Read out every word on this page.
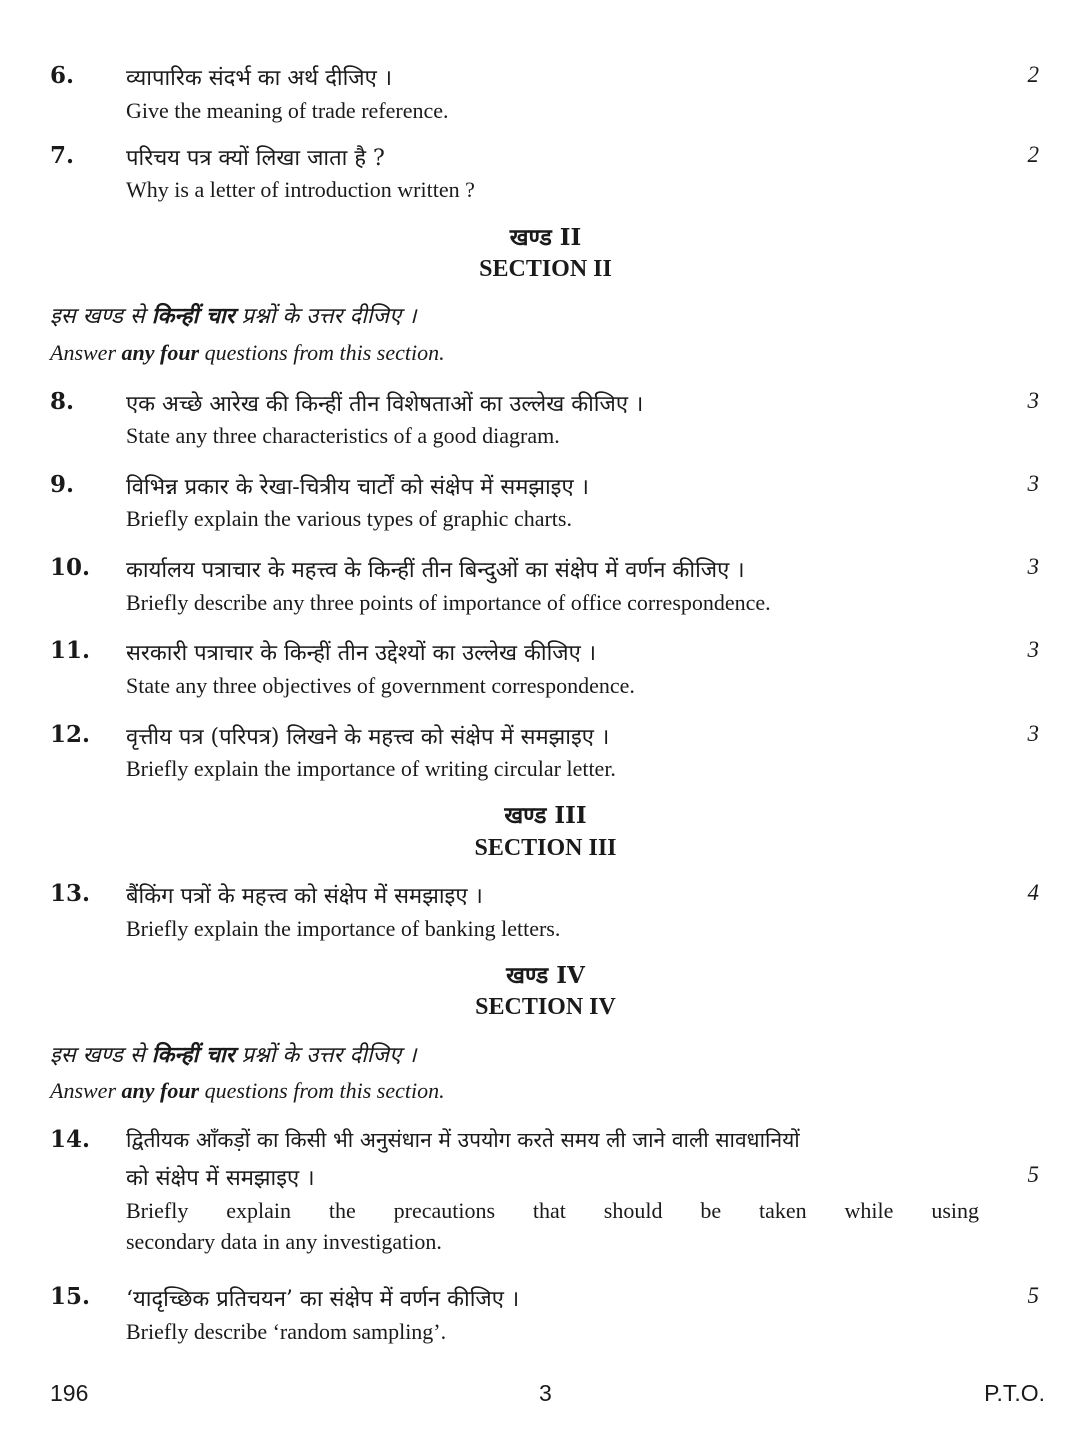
6. व्यापारिक संदर्भ का अर्थ दीजिए ।
Give the meaning of trade reference.
2
7. परिचय पत्र क्यों लिखा जाता है ?
Why is a letter of introduction written ?
2
खण्ड II
SECTION II
इस खण्ड से किन्हीं चार प्रश्नों के उत्तर दीजिए ।
Answer any four questions from this section.
8. एक अच्छे आरेख की किन्हीं तीन विशेषताओं का उल्लेख कीजिए ।
State any three characteristics of a good diagram.
3
9. विभिन्न प्रकार के रेखा-चित्रीय चार्टों को संक्षेप में समझाइए ।
Briefly explain the various types of graphic charts.
3
10. कार्यालय पत्राचार के महत्त्व के किन्हीं तीन बिन्दुओं का संक्षेप में वर्णन कीजिए ।
Briefly describe any three points of importance of office correspondence.
3
11. सरकारी पत्राचार के किन्हीं तीन उद्देश्यों का उल्लेख कीजिए ।
State any three objectives of government correspondence.
3
12. वृत्तीय पत्र (परिपत्र) लिखने के महत्त्व को संक्षेप में समझाइए ।
Briefly explain the importance of writing circular letter.
3
खण्ड III
SECTION III
13. बैंकिंग पत्रों के महत्त्व को संक्षेप में समझाइए ।
Briefly explain the importance of banking letters.
4
खण्ड IV
SECTION IV
इस खण्ड से किन्हीं चार प्रश्नों के उत्तर दीजिए ।
Answer any four questions from this section.
14. द्वितीयक आँकड़ों का किसी भी अनुसंधान में उपयोग करते समय ली जाने वाली सावधानियों
को संक्षेप में समझाइए ।
Briefly explain the precautions that should be taken while using
secondary data in any investigation.
5
15. ‘यादृच्छिक प्रतिचयन’ का संक्षेप में वर्णन कीजिए ।
Briefly describe ‘random sampling’.
5
196	3	P.T.O.
